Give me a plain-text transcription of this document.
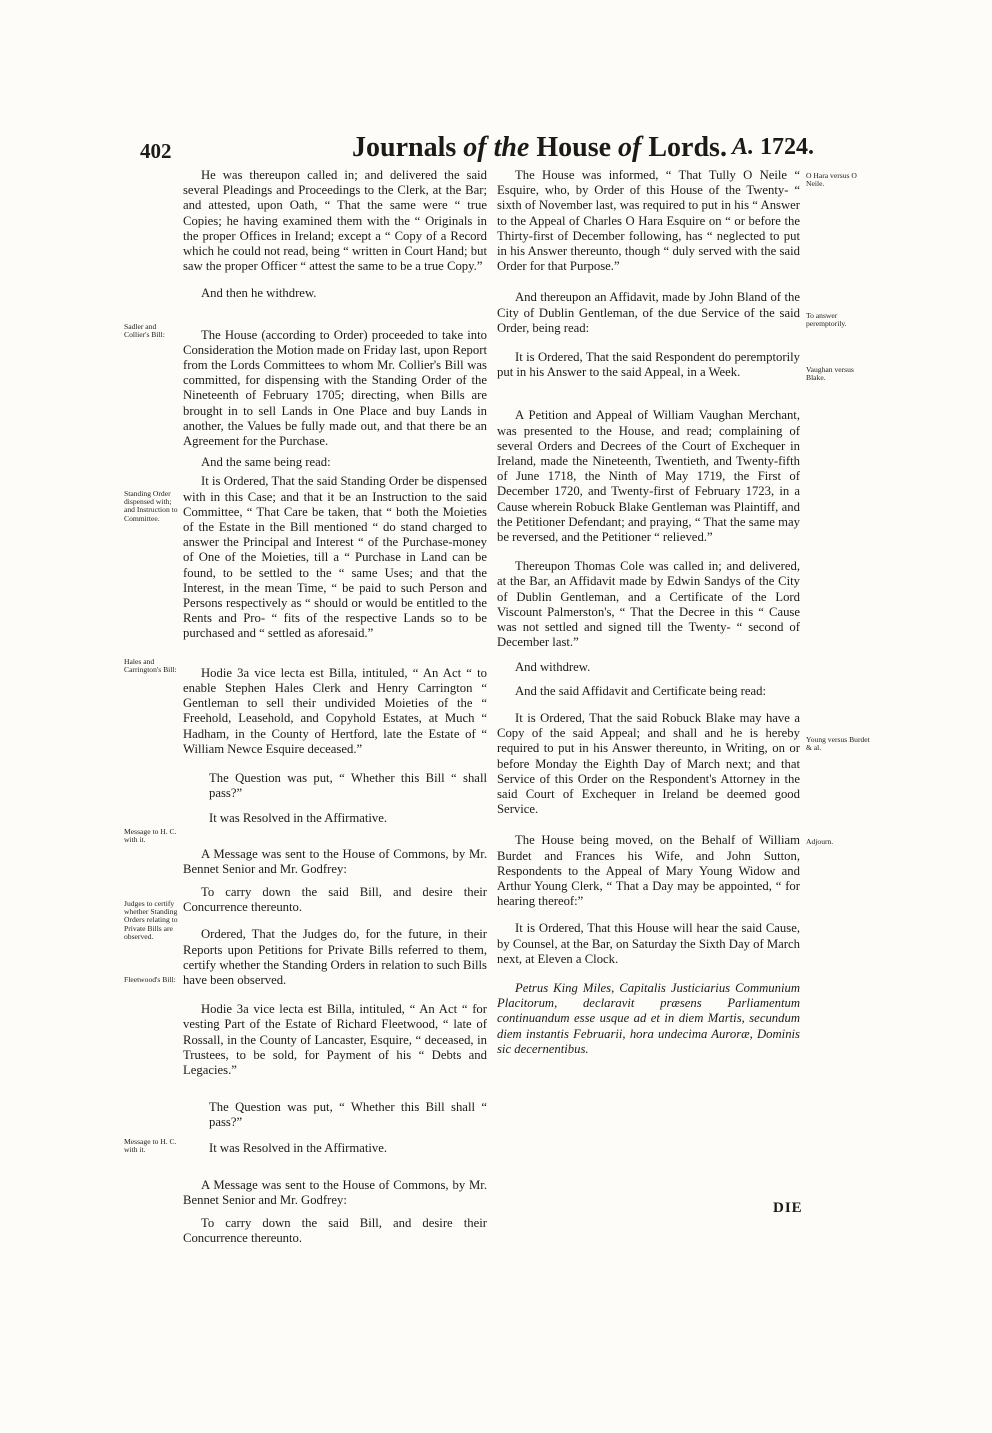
402	Journals of the House of Lords. A. 1724.
Sadler and Collier's Bill:
Standing Order dispensed with; and Instruction to Committee.
Hales and Carrington's Bill:
Message to H. C. with it.
Judges to certify whether Standing Orders relating to Private Bills are observed.
Fleetwood's Bill:
Message to H. C. with it.

He was thereupon called in; and delivered the said several Pleadings and Proceedings to the Clerk, at the Bar; and attested, upon Oath, “ That the same were “ true Copies; he having examined them with the “ Originals in the proper Offices in Ireland; except a “ Copy of a Record which he could not read, being “ written in Court Hand; but saw the proper Officer “ attest the same to be a true Copy.”

And then he withdrew.

The House (according to Order) proceeded to take into Consideration the Motion made on Friday last, upon Report from the Lords Committees to whom Mr. Collier's Bill was committed, for dispensing with the Standing Order of the Nineteenth of February 1705; directing, when Bills are brought in to sell Lands in One Place and buy Lands in another, the Values be fully made out, and that there be an Agreement for the Purchase.

And the same being read:

It is Ordered, That the said Standing Order be dispensed with in this Case; and that it be an Instruction to the said Committee, “ That Care be taken, that “ both the Moieties of the Estate in the Bill mentioned “ do stand charged to answer the Principal and Interest “ of the Purchase-money of One of the Moieties, till a “ Purchase in Land can be found, to be settled to the “ same Uses; and that the Interest, in the mean Time, “ be paid to such Person and Persons respectively as “ should or would be entitled to the Rents and Pro- “ fits of the respective Lands so to be purchased and “ settled as aforesaid.”

Hodie 3a vice lecta est Billa, intituled, “ An Act “ to enable Stephen Hales Clerk and Henry Carrington “ Gentleman to sell their undivided Moieties of the “ Freehold, Leasehold, and Copyhold Estates, at Much “ Hadham, in the County of Hertford, late the Estate of “ William Newce Esquire deceased.”

The Question was put, “ Whether this Bill “ shall pass?”

It was Resolved in the Affirmative.

A Message was sent to the House of Commons, by Mr. Bennet Senior and Mr. Godfrey:

To carry down the said Bill, and desire their Concurrence thereunto.

Ordered, That the Judges do, for the future, in their Reports upon Petitions for Private Bills referred to them, certify whether the Standing Orders in relation to such Bills have been observed.

Hodie 3a vice lecta est Billa, intituled, “ An Act “ for vesting Part of the Estate of Richard Fleetwood, “ late of Rossall, in the County of Lancaster, Esquire, “ deceased, in Trustees, to be sold, for Payment of his “ Debts and Legacies.”

The Question was put, “ Whether this Bill shall “ pass?”

It was Resolved in the Affirmative.

A Message was sent to the House of Commons, by Mr. Bennet Senior and Mr. Godfrey:

To carry down the said Bill, and desire their Concurrence thereunto.

The House was informed, “ That Tully O Neile “ Esquire, who, by Order of this House of the Twenty- “ sixth of November last, was required to put in his “ Answer to the Appeal of Charles O Hara Esquire on “ or before the Thirty-first of December following, has “ neglected to put in his Answer thereunto, though “ duly served with the said Order for that Purpose.”

And thereupon an Affidavit, made by John Bland of the City of Dublin Gentleman, of the due Service of the said Order, being read:

It is Ordered, That the said Respondent do peremptorily put in his Answer to the said Appeal, in a Week.

A Petition and Appeal of William Vaughan Merchant, was presented to the House, and read; complaining of several Orders and Decrees of the Court of Exchequer in Ireland, made the Nineteenth, Twentieth, and Twenty-fifth of June 1718, the Ninth of May 1719, the First of December 1720, and Twenty-first of February 1723, in a Cause wherein Robuck Blake Gentleman was Plaintiff, and the Petitioner Defendant; and praying, “ That the same may be reversed, and the Petitioner “ relieved.”

Thereupon Thomas Cole was called in; and delivered, at the Bar, an Affidavit made by Edwin Sandys of the City of Dublin Gentleman, and a Certificate of the Lord Viscount Palmerston's, “ That the Decree in this “ Cause was not settled and signed till the Twenty- “ second of December last.”

And withdrew.

And the said Affidavit and Certificate being read:

It is Ordered, That the said Robuck Blake may have a Copy of the said Appeal; and shall and he is hereby required to put in his Answer thereunto, in Writing, on or before Monday the Eighth Day of March next; and that Service of this Order on the Respondent's Attorney in the said Court of Exchequer in Ireland be deemed good Service.

The House being moved, on the Behalf of William Burdet and Frances his Wife, and John Sutton, Respondents to the Appeal of Mary Young Widow and Arthur Young Clerk, “ That a Day may be appointed, “ for hearing thereof:”

It is Ordered, That this House will hear the said Cause, by Counsel, at the Bar, on Saturday the Sixth Day of March next, at Eleven a Clock.

Petrus King Miles, Capitalis Justiciarius Communium Placitorum, declaravit præsens Parliamentum continuandum esse usque ad et in diem Martis, secundum diem instantis Februarii, hora undecima Auroræ, Dominis sic decernentibus.

O Hara versus O Neile.
To answer peremptorily.
Vaughan versus Blake.
Young versus Burdet & al.
Adjourn.
DIE
